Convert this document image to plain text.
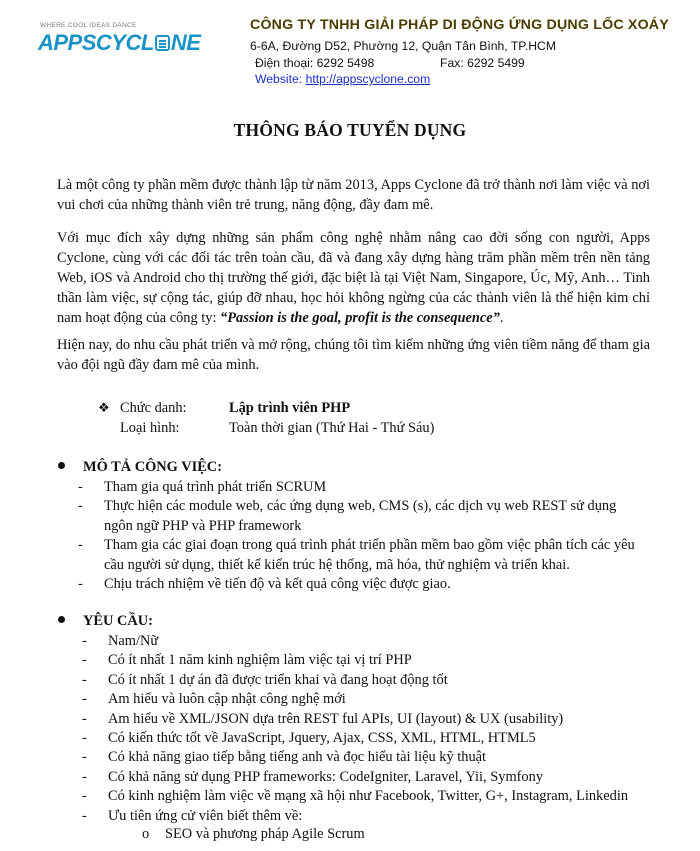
WHERE COOL IDEAS DANCE
APPSCYCL NE
CÔNG TY TNHH GIẢI PHÁP DI ĐỘNG ỨNG DỤNG LỐC XOÁY
6-6A, Đường D52, Phường 12, Quận Tân Bình, TP.HCM
Điện thoại: 6292 5498	Fax: 6292 5499
Website: http://appscyclone.com
THÔNG BÁO TUYỂN DỤNG
Là một công ty phần mềm được thành lập từ năm 2013, Apps Cyclone đã trở thành nơi làm việc và nơi vui chơi của những thành viên trẻ trung, năng động, đầy đam mê.
Với mục đích xây dựng những sản phẩm công nghệ nhằm nâng cao đời sống con người, Apps Cyclone, cùng với các đối tác trên toàn cầu, đã và đang xây dựng hàng trăm phần mềm trên nền tảng Web, iOS và Android cho thị trường thế giới, đặc biệt là tại Việt Nam, Singapore, Úc, Mỹ, Anh… Tinh thần làm việc, sự cộng tác, giúp đỡ nhau, học hỏi không ngừng của các thành viên là thể hiện kim chỉ nam hoạt động của công ty: “Passion is the goal, profit is the consequence”.
Hiện nay, do nhu cầu phát triển và mở rộng, chúng tôi tìm kiếm những ứng viên tiềm năng để tham gia vào đội ngũ đầy đam mê của mình.
❖ Chức danh:	Lập trình viên PHP
Loại hình:	Toàn thời gian (Thứ Hai - Thứ Sáu)
MÔ TẢ CÔNG VIỆC:
- Tham gia quá trình phát triển SCRUM
- Thực hiện các module web, các ứng dụng web, CMS (s), các dịch vụ web REST sử dụng ngôn ngữ PHP và PHP framework
- Tham gia các giai đoạn trong quá trình phát triển phần mềm bao gồm việc phân tích các yêu cầu người sử dụng, thiết kế kiến trúc hệ thống, mã hóa, thử nghiệm và triển khai.
- Chịu trách nhiệm về tiến độ và kết quả công việc được giao.
YÊU CẦU:
- Nam/Nữ
- Có ít nhất 1 năm kinh nghiệm làm việc tại vị trí PHP
- Có ít nhất 1 dự án đã được triển khai và đang hoạt động tốt
- Am hiểu và luôn cập nhật công nghệ mới
- Am hiểu về XML/JSON dựa trên REST ful APIs, UI (layout) & UX (usability)
- Có kiến thức tốt về JavaScript, Jquery, Ajax, CSS, XML, HTML, HTML5
- Có khả năng giao tiếp bằng tiếng anh và đọc hiểu tài liệu kỹ thuật
- Có khả năng sử dụng PHP frameworks: CodeIgniter, Laravel, Yii, Symfony
- Có kinh nghiệm làm việc về mạng xã hội như Facebook, Twitter, G+, Instagram, Linkedin
- Ưu tiên ứng cử viên biết thêm về:
o SEO và phương pháp Agile Scrum
